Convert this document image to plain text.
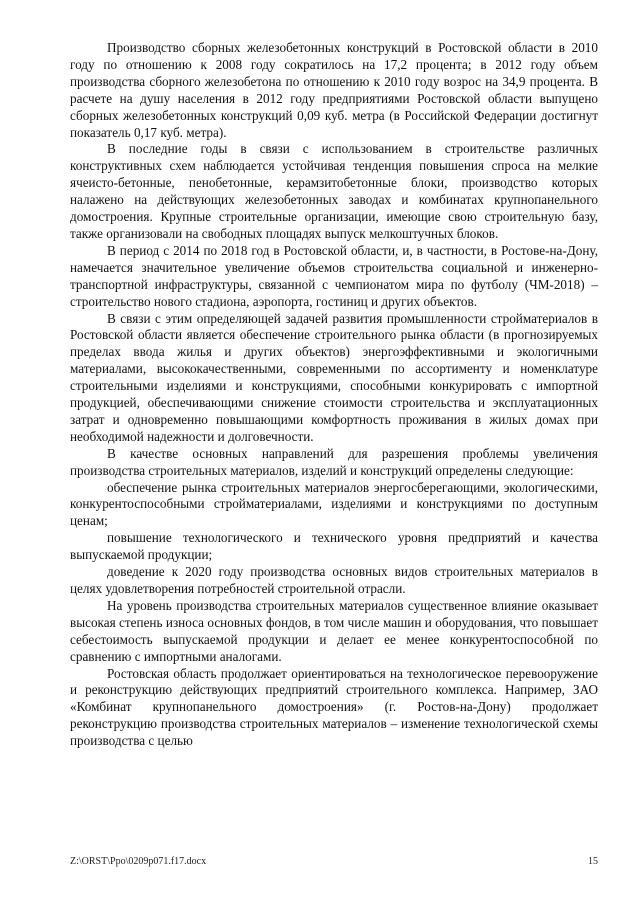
Производство сборных железобетонных конструкций в Ростовской области в 2010 году по отношению к 2008 году сократилось на 17,2 процента; в 2012 году объем производства сборного железобетона по отношению к 2010 году возрос на 34,9 процента. В расчете на душу населения в 2012 году предприятиями Ростовской области выпущено сборных железобетонных конструкций 0,09 куб. метра (в Российской Федерации достигнут показатель 0,17 куб. метра).

В последние годы в связи с использованием в строительстве различных конструктивных схем наблюдается устойчивая тенденция повышения спроса на мелкие ячеисто-бетонные, пенобетонные, керамзитобетонные блоки, производство которых налажено на действующих железобетонных заводах и комбинатах крупнопанельного домостроения. Крупные строительные организации, имеющие свою строительную базу, также организовали на свободных площадях выпуск мелкоштучных блоков.

В период с 2014 по 2018 год в Ростовской области, и, в частности, в Ростове-на-Дону, намечается значительное увеличение объемов строительства социальной и инженерно-транспортной инфраструктуры, связанной с чемпионатом мира по футболу (ЧМ-2018) – строительство нового стадиона, аэропорта, гостиниц и других объектов.

В связи с этим определяющей задачей развития промышленности стройматериалов в Ростовской области является обеспечение строительного рынка области (в прогнозируемых пределах ввода жилья и других объектов) энергоэффективными и экологичными материалами, высококачественными, современными по ассортименту и номенклатуре строительными изделиями и конструкциями, способными конкурировать с импортной продукцией, обеспечивающими снижение стоимости строительства и эксплуатационных затрат и одновременно повышающими комфортность проживания в жилых домах при необходимой надежности и долговечности.

В качестве основных направлений для разрешения проблемы увеличения производства строительных материалов, изделий и конструкций определены следующие:

обеспечение рынка строительных материалов энергосберегающими, экологическими, конкурентоспособными стройматериалами, изделиями и конструкциями по доступным ценам;

повышение технологического и технического уровня предприятий и качества выпускаемой продукции;

доведение к 2020 году производства основных видов строительных материалов в целях удовлетворения потребностей строительной отрасли.

На уровень производства строительных материалов существенное влияние оказывает высокая степень износа основных фондов, в том числе машин и оборудования, что повышает себестоимость выпускаемой продукции и делает ее менее конкурентоспособной по сравнению с импортными аналогами.

Ростовская область продолжает ориентироваться на технологическое перевооружение и реконструкцию действующих предприятий строительного комплекса. Например, ЗАО «Комбинат крупнопанельного домостроения» (г. Ростов-на-Дону) продолжает реконструкцию производства строительных материалов – изменение технологической схемы производства с целью

Z:\ORST\Ppo\0209p071.f17.docx	15
